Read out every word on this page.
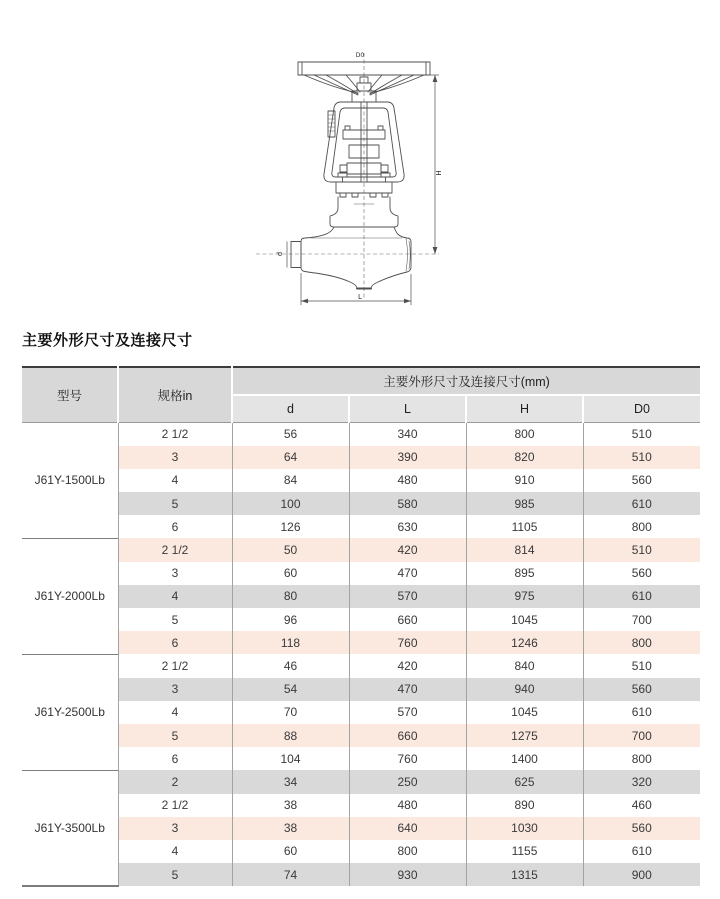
H
d
L
D0
主要外形尺寸及连接尺寸
型号	规格in	主要外形尺寸及连接尺寸(mm)			
		d	L	H	D0
J61Y-1500Lb	2 1/2	56	340	800	510
	3	64	390	820	510
	4	84	480	910	560
	5	100	580	985	610
	6	126	630	1105	800
J61Y-2000Lb	2 1/2	50	420	814	510
	3	60	470	895	560
	4	80	570	975	610
	5	96	660	1045	700
	6	118	760	1246	800
J61Y-2500Lb	2 1/2	46	420	840	510
	3	54	470	940	560
	4	70	570	1045	610
	5	88	660	1275	700
	6	104	760	1400	800
J61Y-3500Lb	2	34	250	625	320
	2 1/2	38	480	890	460
	3	38	640	1030	560
	4	60	800	1155	610
	5	74	930	1315	900
